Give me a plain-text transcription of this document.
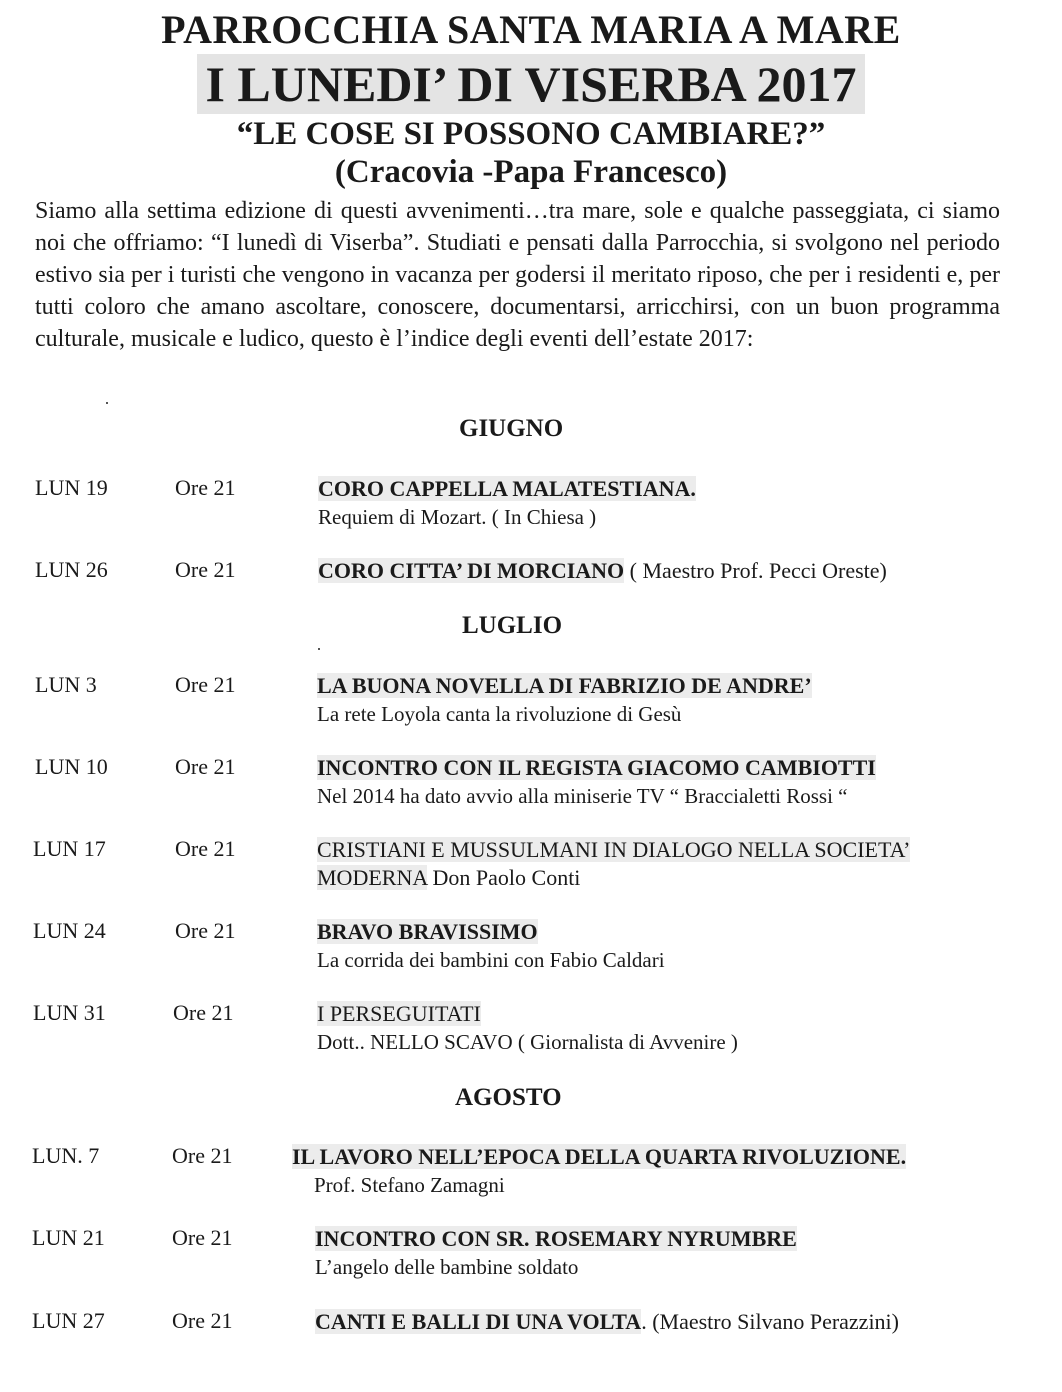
PARROCCHIA SANTA MARIA A MARE
I LUNEDI’ DI VISERBA 2017
“LE COSE SI POSSONO CAMBIARE?”
(Cracovia -Papa Francesco)

Siamo alla settima edizione di questi avvenimenti…tra mare, sole e qualche passeggiata, ci siamo noi che offriamo: “I lunedì di Viserba”. Studiati e pensati dalla Parrocchia, si svolgono nel periodo estivo sia per i turisti che vengono in vacanza per godersi il meritato riposo, che per i residenti e, per tutti coloro che amano ascoltare, conoscere, documentarsi, arricchirsi, con un buon programma culturale, musicale e ludico, questo è l’indice degli eventi dell’estate 2017:

GIUGNO
LUN 19	Ore 21	CORO CAPPELLA MALATESTIANA.
Requiem di Mozart. ( In Chiesa )
LUN 26	Ore 21	CORO CITTA’ DI MORCIANO ( Maestro Prof. Pecci Oreste)
LUGLIO
LUN 3	Ore 21	LA BUONA NOVELLA DI FABRIZIO DE ANDRE’
La rete Loyola canta la rivoluzione di Gesù
LUN 10	Ore 21	INCONTRO CON IL REGISTA GIACOMO CAMBIOTTI
Nel 2014 ha dato avvio alla miniserie TV “ Braccialetti Rossi “
LUN 17	Ore 21	CRISTIANI E MUSSULMANI IN DIALOGO NELLA SOCIETA’
MODERNA Don Paolo Conti
LUN 24	Ore 21	BRAVO BRAVISSIMO
La corrida dei bambini con Fabio Caldari
LUN 31	Ore 21	I PERSEGUITATI
Dott.. NELLO SCAVO ( Giornalista di Avvenire )
AGOSTO
LUN. 7	Ore 21	IL LAVORO NELL’EPOCA DELLA QUARTA RIVOLUZIONE.
Prof. Stefano Zamagni
LUN 21	Ore 21	INCONTRO CON SR. ROSEMARY NYRUMBRE
L’angelo delle bambine soldato
LUN 27	Ore 21	CANTI E BALLI DI UNA VOLTA. (Maestro Silvano Perazzini)
